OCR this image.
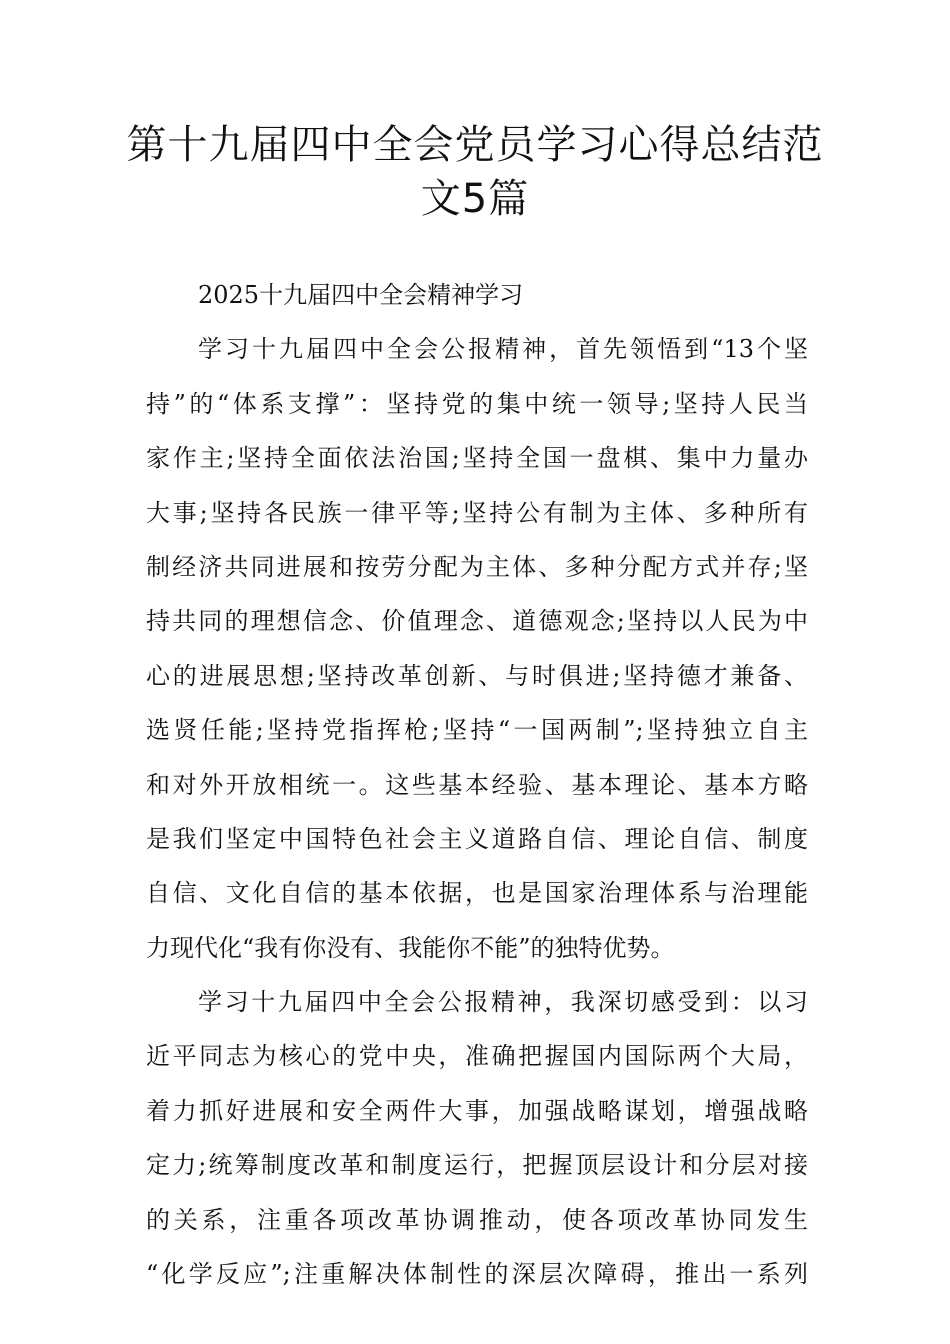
第十九届四中全会党员学习心得总结范
文5篇
2025十九届四中全会精神学习
学习十九届四中全会公报精神，首先领悟到“13个坚
持”的“体系支撑”：坚持党的集中统一领导;坚持人民当
家作主;坚持全面依法治国;坚持全国一盘棋、集中力量办
大事;坚持各民族一律平等;坚持公有制为主体、多种所有
制经济共同进展和按劳分配为主体、多种分配方式并存;坚
持共同的理想信念、价值理念、道德观念;坚持以人民为中
心的进展思想;坚持改革创新、与时俱进;坚持德才兼备、
选贤任能;坚持党指挥枪;坚持“一国两制”;坚持独立自主
和对外开放相统一。这些基本经验、基本理论、基本方略
是我们坚定中国特色社会主义道路自信、理论自信、制度
自信、文化自信的基本依据，也是国家治理体系与治理能
力现代化“我有你没有、我能你不能”的独特优势。
学习十九届四中全会公报精神，我深切感受到：以习
近平同志为核心的党中央，准确把握国内国际两个大局，
着力抓好进展和安全两件大事，加强战略谋划，增强战略
定力;统筹制度改革和制度运行，把握顶层设计和分层对接
的关系，注重各项改革协调推动，使各项改革协同发生
“化学反应”;注重解决体制性的深层次障碍，推出一系列
